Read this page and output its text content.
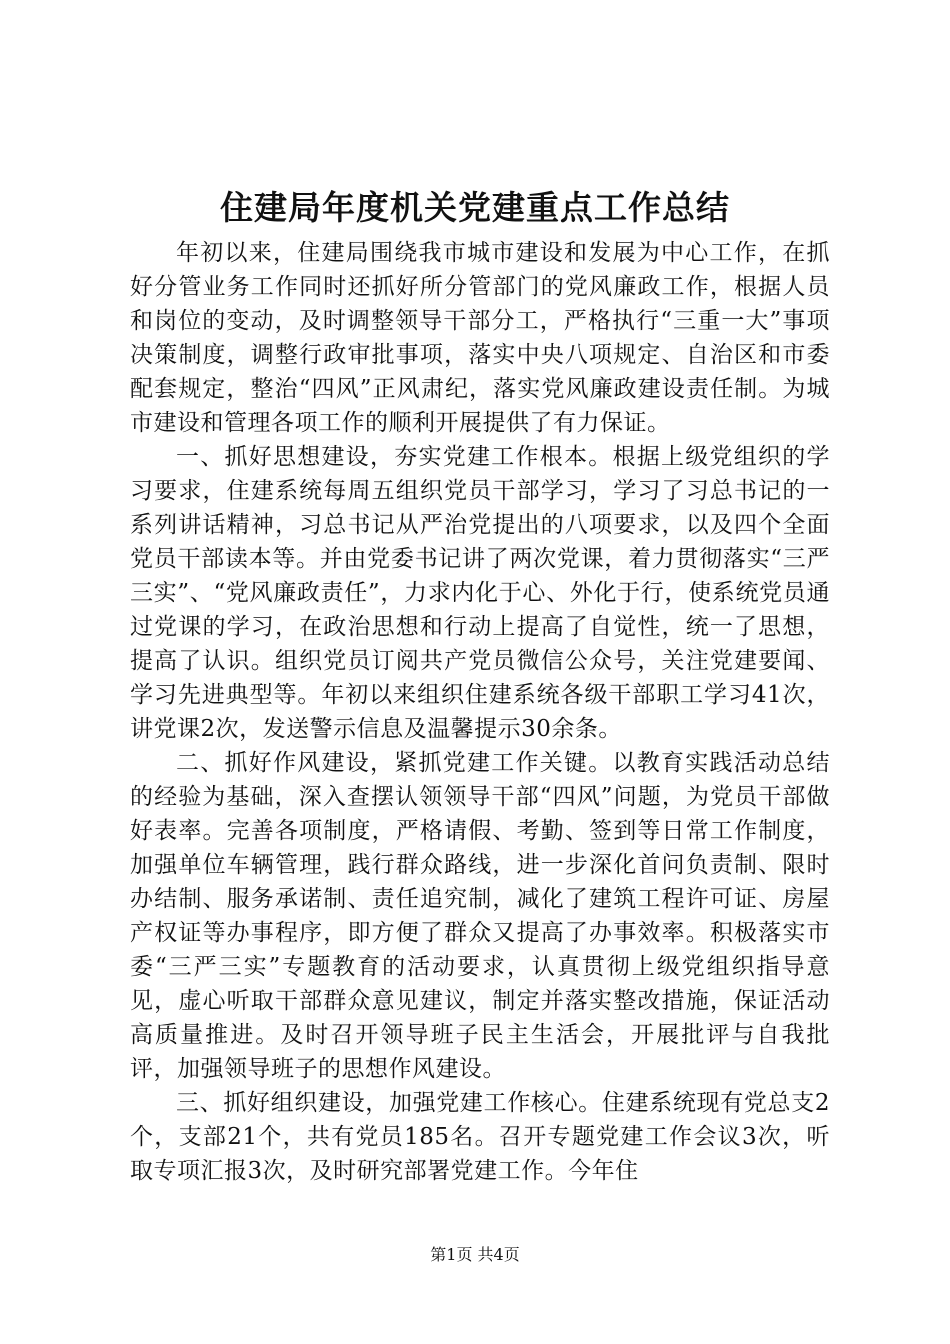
住建局年度机关党建重点工作总结

年初以来，住建局围绕我市城市建设和发展为中心工作，在抓好分管业务工作同时还抓好所分管部门的党风廉政工作，根据人员和岗位的变动，及时调整领导干部分工，严格执行“三重一大”事项决策制度，调整行政审批事项，落实中央八项规定、自治区和市委配套规定，整治“四风”正风肃纪，落实党风廉政建设责任制。为城市建设和管理各项工作的顺利开展提供了有力保证。

一、抓好思想建设，夯实党建工作根本。根据上级党组织的学习要求，住建系统每周五组织党员干部学习，学习了习总书记的一系列讲话精神，习总书记从严治党提出的八项要求，以及四个全面党员干部读本等。并由党委书记讲了两次党课，着力贯彻落实“三严三实”、“党风廉政责任”，力求内化于心、外化于行，使系统党员通过党课的学习，在政治思想和行动上提高了自觉性，统一了思想，提高了认识。组织党员订阅共产党员微信公众号，关注党建要闻、学习先进典型等。年初以来组织住建系统各级干部职工学习41次，讲党课2次，发送警示信息及温馨提示30余条。

二、抓好作风建设，紧抓党建工作关键。以教育实践活动总结的经验为基础，深入查摆认领领导干部“四风”问题，为党员干部做好表率。完善各项制度，严格请假、考勤、签到等日常工作制度，加强单位车辆管理，践行群众路线，进一步深化首问负责制、限时办结制、服务承诺制、责任追究制，减化了建筑工程许可证、房屋产权证等办事程序，即方便了群众又提高了办事效率。积极落实市委“三严三实”专题教育的活动要求，认真贯彻上级党组织指导意见，虚心听取干部群众意见建议，制定并落实整改措施，保证活动高质量推进。及时召开领导班子民主生活会，开展批评与自我批评，加强领导班子的思想作风建设。

三、抓好组织建设，加强党建工作核心。住建系统现有党总支2个，支部21个，共有党员185名。召开专题党建工作会议3次，听取专项汇报3次，及时研究部署党建工作。今年住

第1页 共4页
